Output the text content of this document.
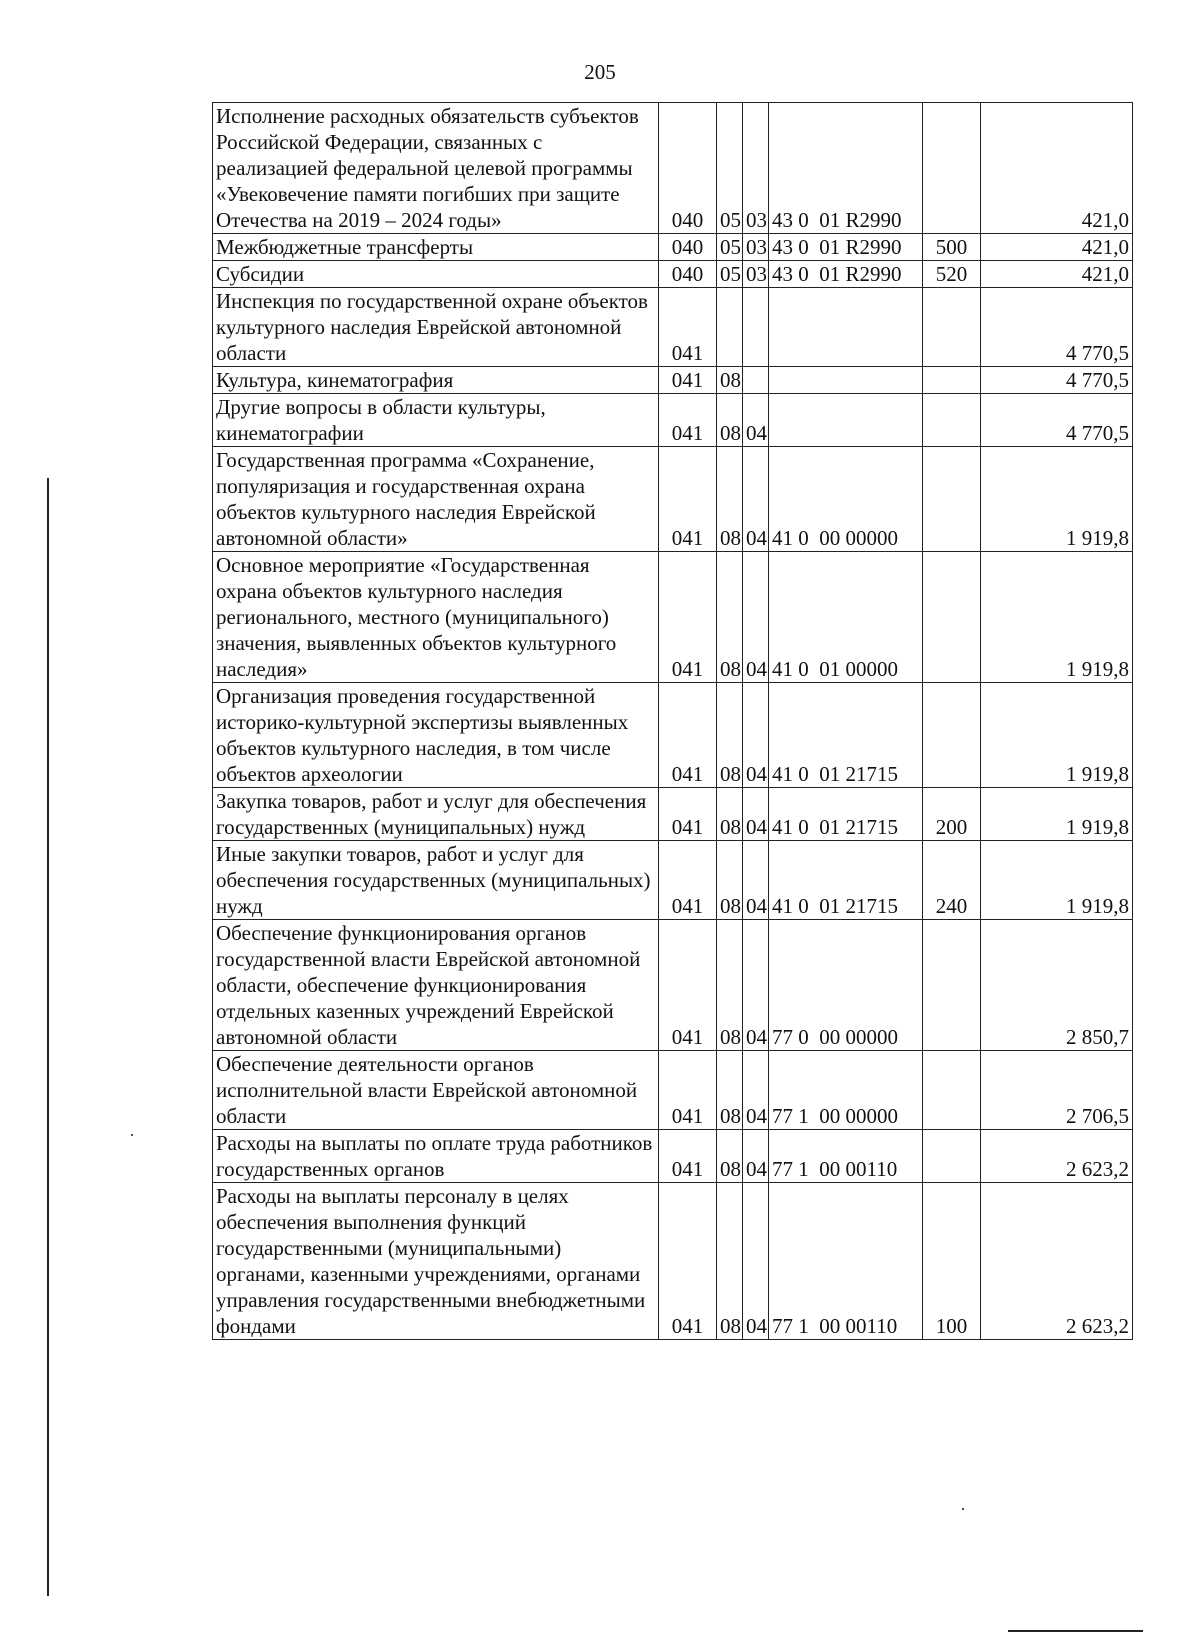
205
Исполнение расходных обязательств субъектов Российской Федерации, связанных с реализацией федеральной целевой программы «Увековечение памяти погибших при защите Отечества на 2019 – 2024 годы»	040	05	03	43 0  01 R2990		421,0
Межбюджетные трансферты	040	05	03	43 0  01 R2990	500	421,0
Субсидии	040	05	03	43 0  01 R2990	520	421,0
Инспекция по государственной охране объектов культурного наследия Еврейской автономной области	041					4 770,5
Культура, кинематография	041	08				4 770,5
Другие вопросы в области культуры, кинематографии	041	08	04			4 770,5
Государственная программа «Сохранение, популяризация и государственная охрана объектов культурного наследия Еврейской автономной области»	041	08	04	41 0  00 00000		1 919,8
Основное мероприятие «Государственная охрана объектов культурного наследия регионального, местного (муниципального) значения, выявленных объектов культурного наследия»	041	08	04	41 0  01 00000		1 919,8
Организация проведения государственной историко-культурной экспертизы выявленных объектов культурного наследия, в том числе объектов археологии	041	08	04	41 0  01 21715		1 919,8
Закупка товаров, работ и услуг для обеспечения государственных (муниципальных) нужд	041	08	04	41 0  01 21715	200	1 919,8
Иные закупки товаров, работ и услуг для обеспечения государственных (муниципальных) нужд	041	08	04	41 0  01 21715	240	1 919,8
Обеспечение функционирования органов государственной власти Еврейской автономной области, обеспечение функционирования отдельных казенных учреждений Еврейской автономной области	041	08	04	77 0  00 00000		2 850,7
Обеспечение деятельности органов исполнительной власти Еврейской автономной области	041	08	04	77 1  00 00000		2 706,5
Расходы на выплаты по оплате труда работников государственных органов	041	08	04	77 1  00 00110		2 623,2
Расходы на выплаты персоналу в целях обеспечения выполнения функций государственными (муниципальными) органами, казенными учреждениями, органами управления государственными внебюджетными фондами	041	08	04	77 1  00 00110	100	2 623,2
